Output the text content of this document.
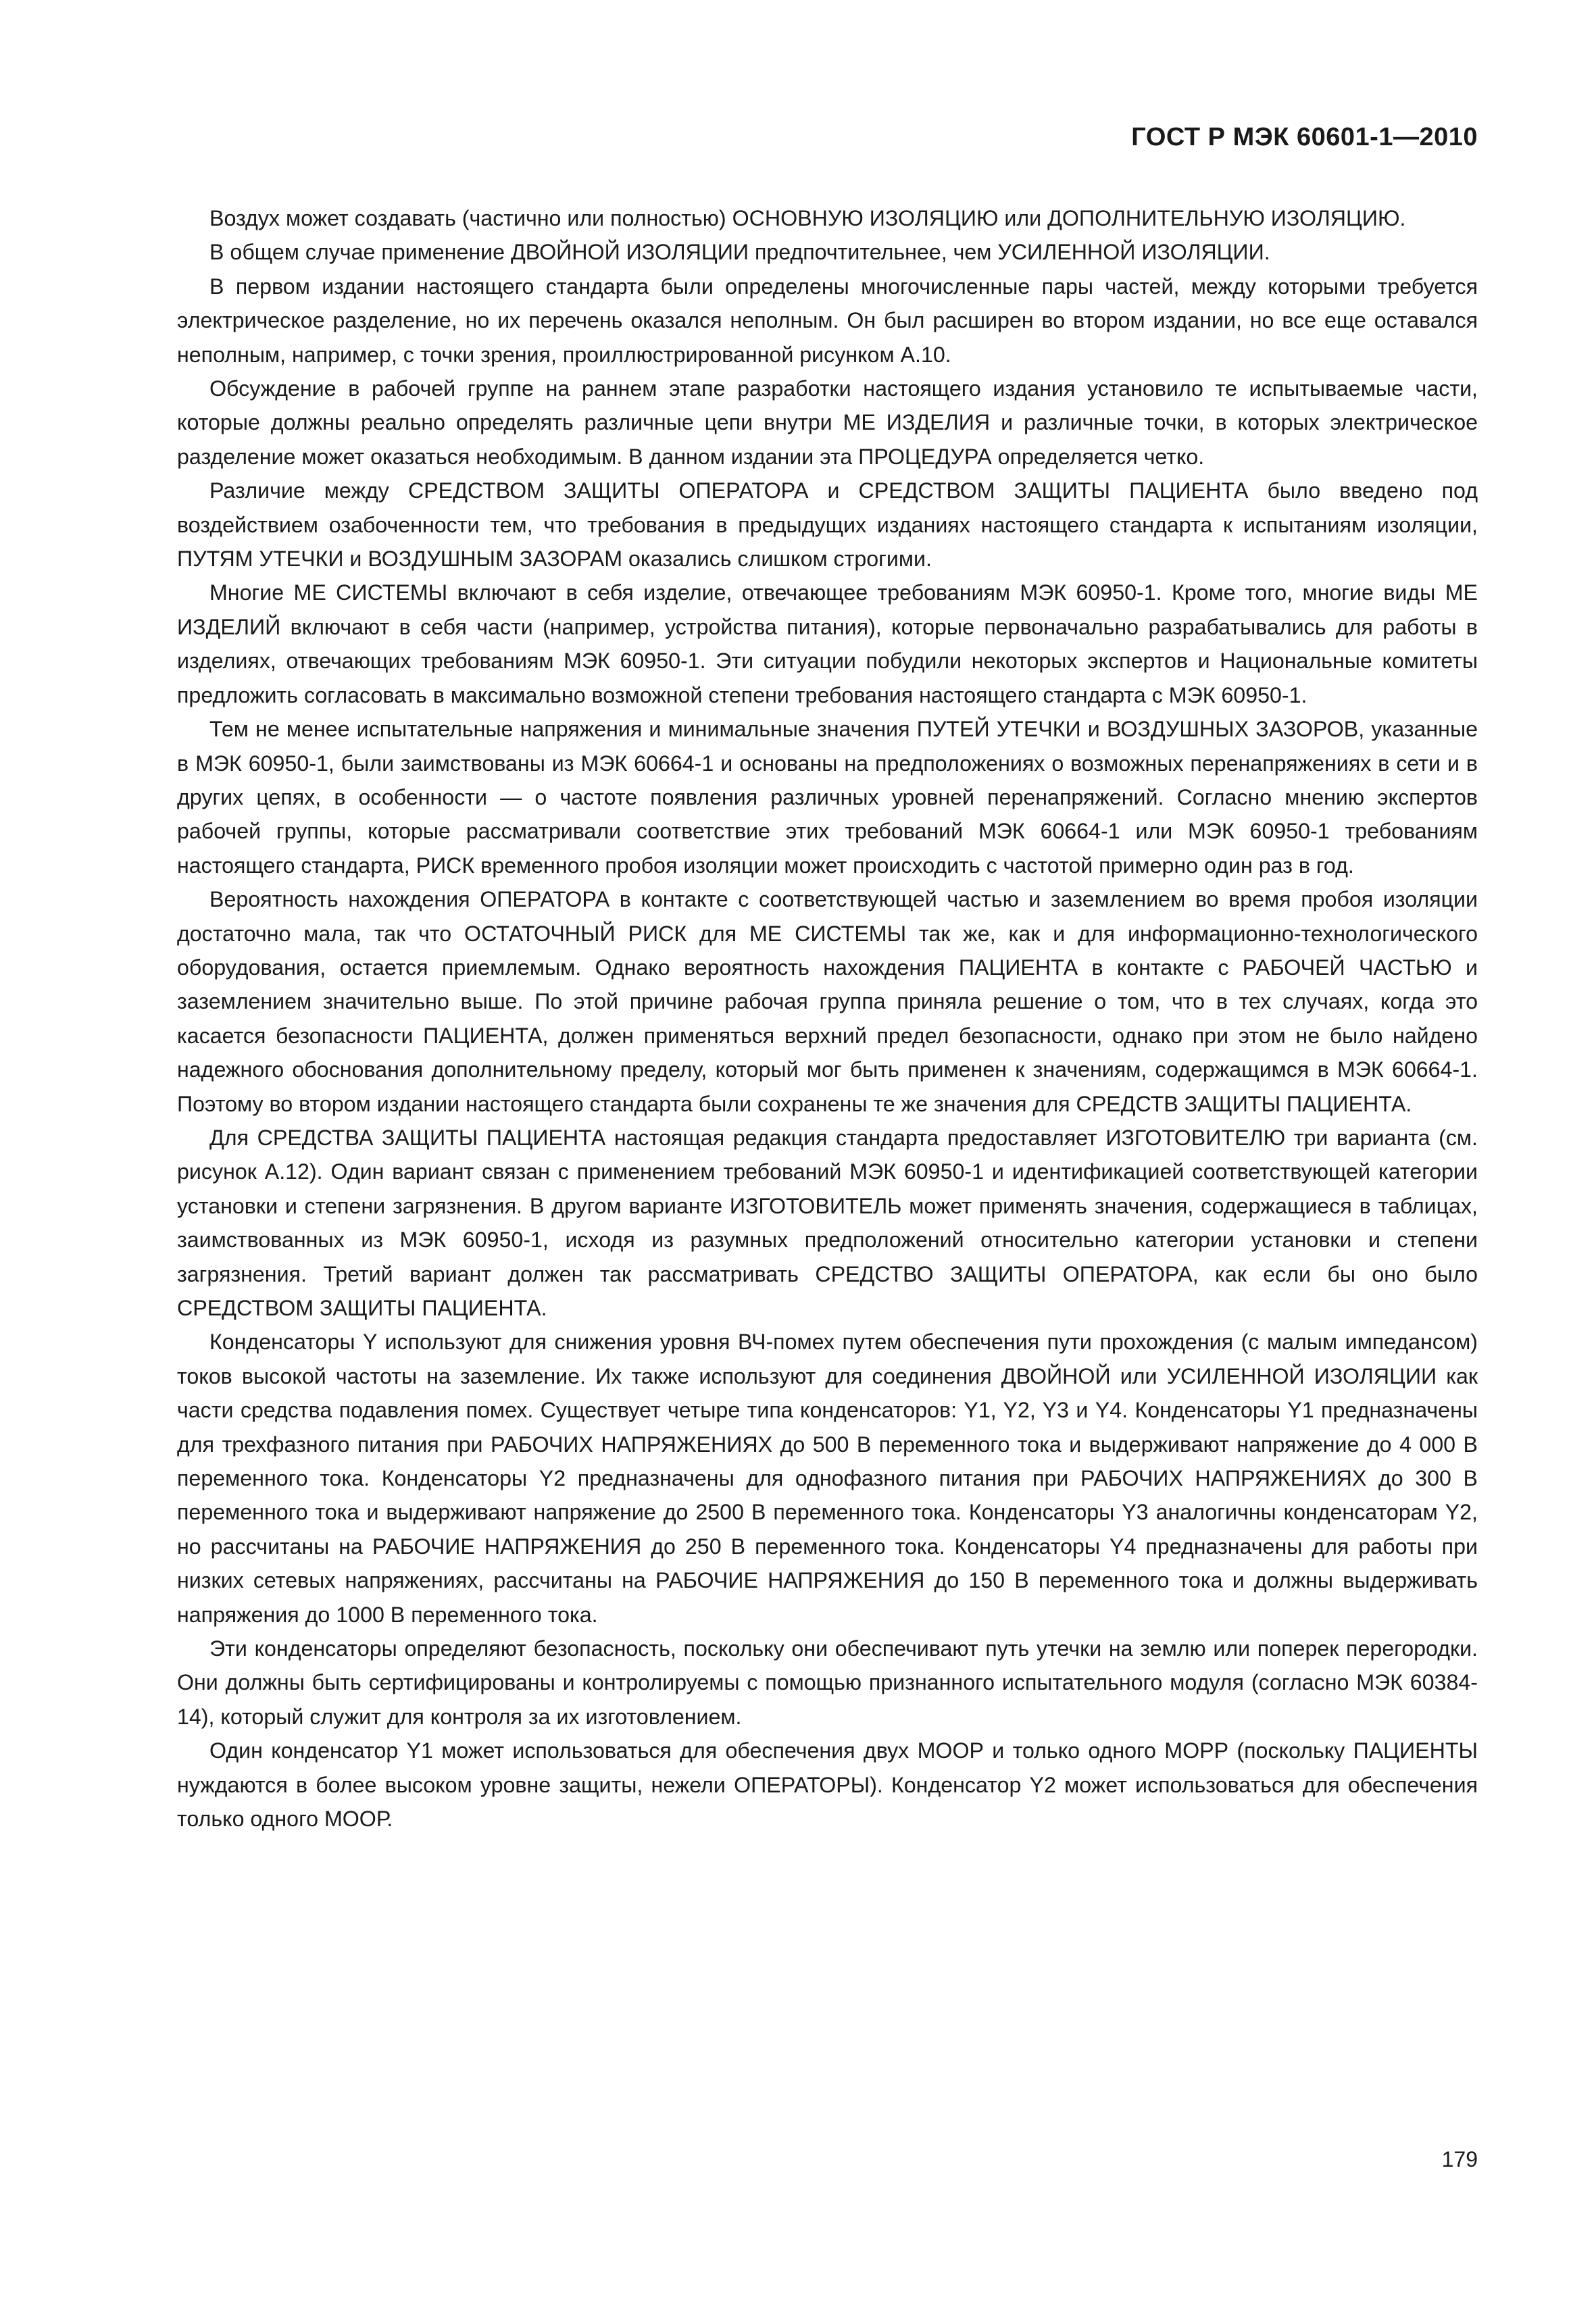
ГОСТ Р МЭК 60601-1—2010

Воздух может создавать (частично или полностью) ОСНОВНУЮ ИЗОЛЯЦИЮ или ДОПОЛНИТЕЛЬНУЮ ИЗОЛЯЦИЮ.

В общем случае применение ДВОЙНОЙ ИЗОЛЯЦИИ предпочтительнее, чем УСИЛЕННОЙ ИЗОЛЯЦИИ.

В первом издании настоящего стандарта были определены многочисленные пары частей, между которыми требуется электрическое разделение, но их перечень оказался неполным. Он был расширен во втором издании, но все еще оставался неполным, например, с точки зрения, проиллюстрированной рисунком А.10.

Обсуждение в рабочей группе на раннем этапе разработки настоящего издания установило те испытываемые части, которые должны реально определять различные цепи внутри МЕ ИЗДЕЛИЯ и различные точки, в которых электрическое разделение может оказаться необходимым. В данном издании эта ПРОЦЕДУРА определяется четко.

Различие между СРЕДСТВОМ ЗАЩИТЫ ОПЕРАТОРА и СРЕДСТВОМ ЗАЩИТЫ ПАЦИЕНТА было введено под воздействием озабоченности тем, что требования в предыдущих изданиях настоящего стандарта к испытаниям изоляции, ПУТЯМ УТЕЧКИ и ВОЗДУШНЫМ ЗАЗОРАМ оказались слишком строгими.

Многие МЕ СИСТЕМЫ включают в себя изделие, отвечающее требованиям МЭК 60950-1. Кроме того, многие виды МЕ ИЗДЕЛИЙ включают в себя части (например, устройства питания), которые первоначально разрабатывались для работы в изделиях, отвечающих требованиям МЭК 60950-1. Эти ситуации побудили некоторых экспертов и Национальные комитеты предложить согласовать в максимально возможной степени требования настоящего стандарта с МЭК 60950-1.

Тем не менее испытательные напряжения и минимальные значения ПУТЕЙ УТЕЧКИ и ВОЗДУШНЫХ ЗАЗОРОВ, указанные в МЭК 60950-1, были заимствованы из МЭК 60664-1 и основаны на предположениях о возможных перенапряжениях в сети и в других цепях, в особенности — о частоте появления различных уровней перенапряжений. Согласно мнению экспертов рабочей группы, которые рассматривали соответствие этих требований МЭК 60664-1 или МЭК 60950-1 требованиям настоящего стандарта, РИСК временного пробоя изоляции может происходить с частотой примерно один раз в год.

Вероятность нахождения ОПЕРАТОРА в контакте с соответствующей частью и заземлением во время пробоя изоляции достаточно мала, так что ОСТАТОЧНЫЙ РИСК для МЕ СИСТЕМЫ так же, как и для информационно-технологического оборудования, остается приемлемым. Однако вероятность нахождения ПАЦИЕНТА в контакте с РАБОЧЕЙ ЧАСТЬЮ и заземлением значительно выше. По этой причине рабочая группа приняла решение о том, что в тех случаях, когда это касается безопасности ПАЦИЕНТА, должен применяться верхний предел безопасности, однако при этом не было найдено надежного обоснования дополнительному пределу, который мог быть применен к значениям, содержащимся в МЭК 60664-1. Поэтому во втором издании настоящего стандарта были сохранены те же значения для СРЕДСТВ ЗАЩИТЫ ПАЦИЕНТА.

Для СРЕДСТВА ЗАЩИТЫ ПАЦИЕНТА настоящая редакция стандарта предоставляет ИЗГОТОВИТЕЛЮ три варианта (см. рисунок А.12). Один вариант связан с применением требований МЭК 60950-1 и идентификацией соответствующей категории установки и степени загрязнения. В другом варианте ИЗГОТОВИТЕЛЬ может применять значения, содержащиеся в таблицах, заимствованных из МЭК 60950-1, исходя из разумных предположений относительно категории установки и степени загрязнения. Третий вариант должен так рассматривать СРЕДСТВО ЗАЩИТЫ ОПЕРАТОРА, как если бы оно было СРЕДСТВОМ ЗАЩИТЫ ПАЦИЕНТА.

Конденсаторы Y используют для снижения уровня ВЧ-помех путем обеспечения пути прохождения (с малым импедансом) токов высокой частоты на заземление. Их также используют для соединения ДВОЙНОЙ или УСИЛЕННОЙ ИЗОЛЯЦИИ как части средства подавления помех. Существует четыре типа конденсаторов: Y1, Y2, Y3 и Y4. Конденсаторы Y1 предназначены для трехфазного питания при РАБОЧИХ НАПРЯЖЕНИЯХ до 500 В переменного тока и выдерживают напряжение до 4 000 В переменного тока. Конденсаторы Y2 предназначены для однофазного питания при РАБОЧИХ НАПРЯЖЕНИЯХ до 300 В переменного тока и выдерживают напряжение до 2500 В переменного тока. Конденсаторы Y3 аналогичны конденсаторам Y2, но рассчитаны на РАБОЧИЕ НАПРЯЖЕНИЯ до 250 В переменного тока. Конденсаторы Y4 предназначены для работы при низких сетевых напряжениях, рассчитаны на РАБОЧИЕ НАПРЯЖЕНИЯ до 150 В переменного тока и должны выдерживать напряжения до 1000 В переменного тока.

Эти конденсаторы определяют безопасность, поскольку они обеспечивают путь утечки на землю или поперек перегородки. Они должны быть сертифицированы и контролируемы с помощью признанного испытательного модуля (согласно МЭК 60384-14), который служит для контроля за их изготовлением.

Один конденсатор Y1 может использоваться для обеспечения двух МООР и только одного МОРР (поскольку ПАЦИЕНТЫ нуждаются в более высоком уровне защиты, нежели ОПЕРАТОРЫ). Конденсатор Y2 может использоваться для обеспечения только одного МООР.

179
